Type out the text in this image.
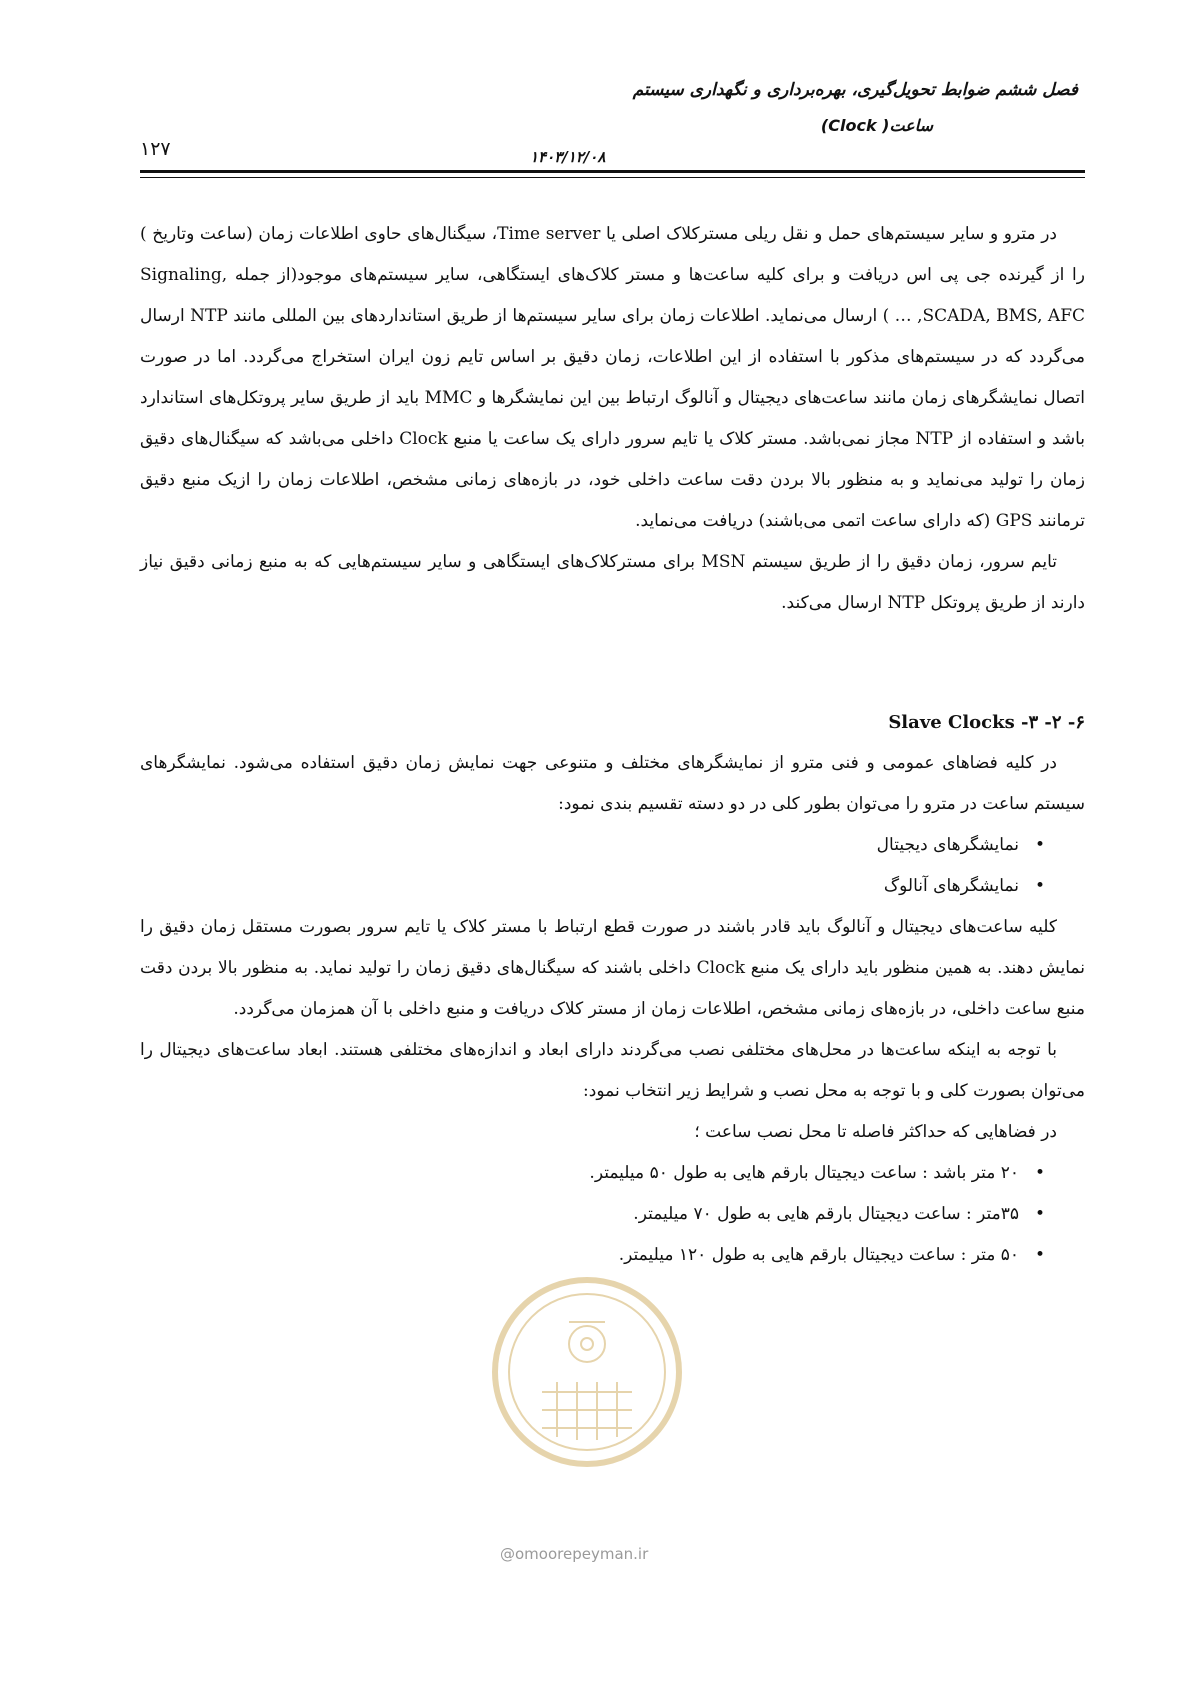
فصل ششم ضوابط تحویل‌گیری، بهره‌برداری و نگهداری سیستم
ساعت( Clock)
۱۴۰۳/۱۲/۰۸
۱۲۷

در مترو و سایر سیستم‌های حمل و نقل ریلی مسترکلاک اصلی یا Time server، سیگنال‌های حاوی اطلاعات زمان (ساعت وتاریخ ) را از گیرنده جی پی اس دریافت و برای کلیه ساعت‌ها و مستر کلاک‌های ایستگاهی، سایر سیستم‌های موجود(از جمله Signaling, SCADA, BMS, AFC, … ) ارسال می‌نماید. اطلاعات زمان برای سایر سیستم‌ها از طریق استانداردهای بین المللی مانند NTP ارسال می‌گردد که در سیستم‌های مذکور با استفاده از این اطلاعات، زمان دقیق بر اساس تایم زون ایران استخراج می‌گردد. اما در صورت اتصال نمایشگرهای زمان مانند ساعت‌های دیجیتال و آنالوگ ارتباط بین این نمایشگرها و MMC باید از طریق سایر پروتکل‌های استاندارد باشد و استفاده از NTP مجاز نمی‌باشد. مستر کلاک یا تایم سرور دارای یک ساعت یا منبع Clock داخلی می‌باشد که سیگنال‌های دقیق زمان را تولید می‌نماید و به منظور بالا بردن دقت ساعت داخلی خود، در بازه‌های زمانی مشخص، اطلاعات زمان را ازیک منبع دقیق ترمانند GPS (که دارای ساعت اتمی می‌باشند) دریافت می‌نماید.

تایم سرور، زمان دقیق را از طریق سیستم MSN برای مسترکلاک‌های ایستگاهی و سایر سیستم‌هایی که به منبع زمانی دقیق نیاز دارند از طریق پروتکل NTP ارسال می‌کند.

۶- ۲- ۳- Slave Clocks

در کلیه فضاهای عمومی و فنی مترو از نمایشگرهای مختلف و متنوعی جهت نمایش زمان دقیق استفاده می‌شود. نمایشگرهای سیستم ساعت در مترو را می‌توان بطور کلی در دو دسته تقسیم بندی نمود:

•
نمایشگرهای دیجیتال
•
نمایشگرهای آنالوگ

کلیه ساعت‌های دیجیتال و آنالوگ باید قادر باشند در صورت قطع ارتباط با مستر کلاک یا تایم سرور بصورت مستقل زمان دقیق را نمایش دهند. به همین منظور باید دارای یک منبع Clock داخلی باشند که سیگنال‌های دقیق زمان را تولید نماید. به منظور بالا بردن دقت منبع ساعت داخلی، در بازه‌های زمانی مشخص، اطلاعات زمان از مستر کلاک دریافت و منبع داخلی با آن همزمان می‌گردد.

با توجه به اینکه ساعت‌ها در محل‌های مختلفی نصب می‌گردند دارای ابعاد و اندازه‌های مختلفی هستند. ابعاد ساعت‌های دیجیتال را می‌توان بصورت کلی و با توجه به محل نصب و شرایط زیر انتخاب نمود:

در فضاهایی که حداکثر فاصله تا محل نصب ساعت ؛

•
۲۰ متر باشد : ساعت دیجیتال بارقم هایی به طول ۵۰ میلیمتر.
•
۳۵متر : ساعت دیجیتال بارقم هایی به طول ۷۰ میلیمتر.
•
۵۰ متر : ساعت دیجیتال بارقم هایی به طول ۱۲۰ میلیمتر.
@omoorepeyman.ir
